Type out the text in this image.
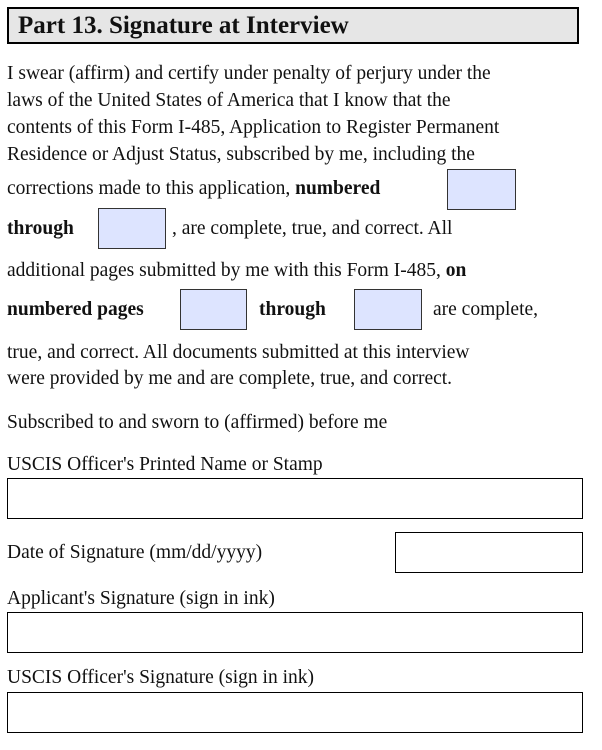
Part 13. Signature at Interview
I swear (affirm) and certify under penalty of perjury under the
laws of the United States of America that I know that the
contents of this Form I-485, Application to Register Permanent
Residence or Adjust Status, subscribed by me, including the
corrections made to this application, numbered
through	, are complete, true, and correct. All
additional pages submitted by me with this Form I-485, on
numbered pages	through	are complete,
true, and correct. All documents submitted at this interview
were provided by me and are complete, true, and correct.
Subscribed to and sworn to (affirmed) before me
USCIS Officer's Printed Name or Stamp
Date of Signature (mm/dd/yyyy)
Applicant's Signature (sign in ink)
USCIS Officer's Signature (sign in ink)
